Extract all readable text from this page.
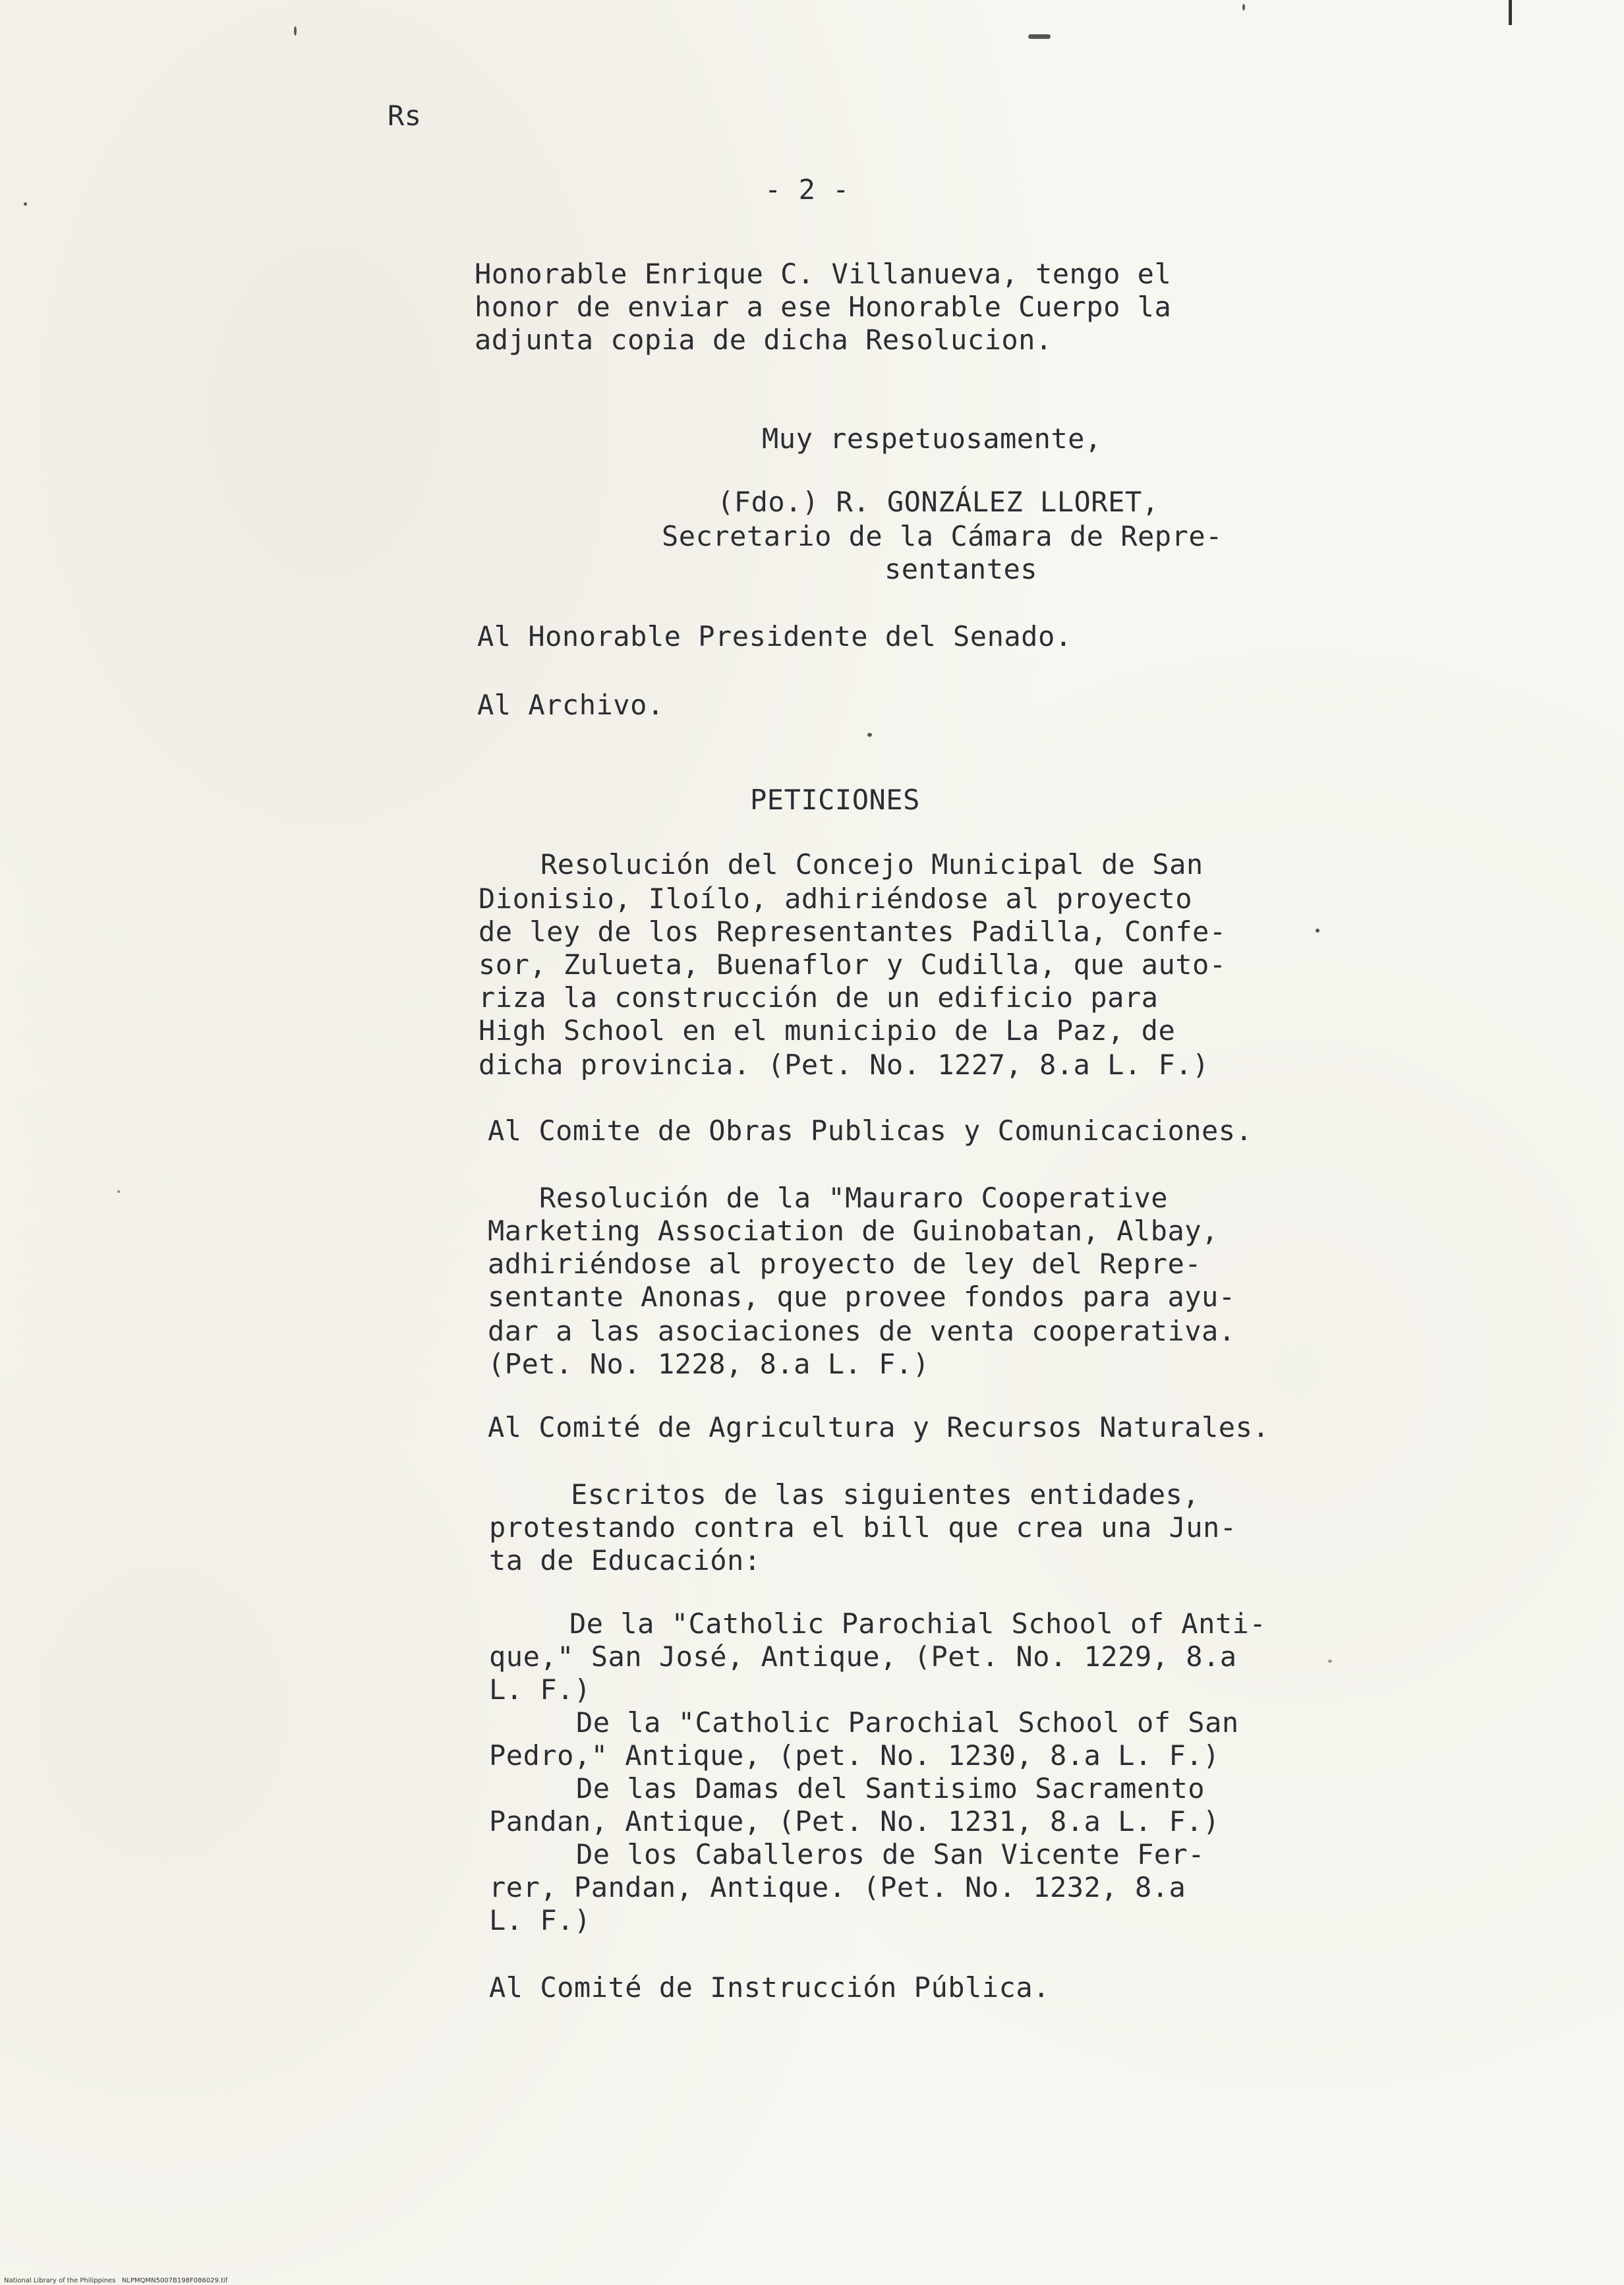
Rs

- 2 -

Honorable Enrique C. Villanueva, tengo el

honor de enviar a ese Honorable Cuerpo la

adjunta copia de dicha Resolucion.

Muy respetuosamente,

(Fdo.) R. GONZÁLEZ LLORET,

Secretario de la Cámara de Repre-

sentantes

Al Honorable Presidente del Senado.

Al Archivo.

PETICIONES

Resolución del Concejo Municipal de San

Dionisio, Iloílo, adhiriéndose al proyecto

de ley de los Representantes Padilla, Confe-

sor, Zulueta, Buenaflor y Cudilla, que auto-

riza la construcción de un edificio para

High School en el municipio de La Paz, de

dicha provincia. (Pet. No. 1227, 8.a L. F.)

Al Comite de Obras Publicas y Comunicaciones.

Resolución de la "Mauraro Cooperative

Marketing Association de Guinobatan, Albay,

adhiriéndose al proyecto de ley del Repre-

sentante Anonas, que provee fondos para ayu-

dar a las asociaciones de venta cooperativa.

(Pet. No. 1228, 8.a L. F.)

Al Comité de Agricultura y Recursos Naturales.

Escritos de las siguientes entidades,

protestando contra el bill que crea una Jun-

ta de Educación:

De la "Catholic Parochial School of Anti-

que," San José, Antique, (Pet. No. 1229, 8.a

L. F.)

De la "Catholic Parochial School of San

Pedro," Antique, (pet. No. 1230, 8.a L. F.)

De las Damas del Santisimo Sacramento

Pandan, Antique, (Pet. No. 1231, 8.a L. F.)

De los Caballeros de San Vicente Fer-

rer, Pandan, Antique. (Pet. No. 1232, 8.a

L. F.)

Al Comité de Instrucción Pública.

National Library of the Philippines   NLPMQMN5007B198F086029.tif
